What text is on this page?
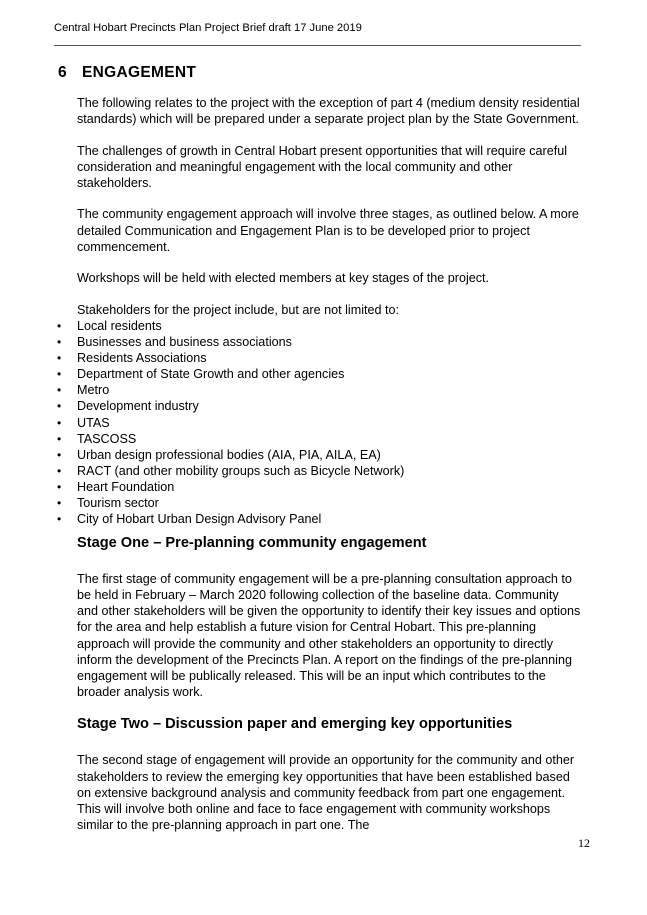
Central Hobart Precincts Plan Project Brief draft 17 June 2019
6 ENGAGEMENT

The following relates to the project with the exception of part 4 (medium density residential standards) which will be prepared under a separate project plan by the State Government.

The challenges of growth in Central Hobart present opportunities that will require careful consideration and meaningful engagement with the local community and other stakeholders.

The community engagement approach will involve three stages, as outlined below. A more detailed Communication and Engagement Plan is to be developed prior to project commencement.

Workshops will be held with elected members at key stages of the project.

Stakeholders for the project include, but are not limited to:

• Local residents
• Businesses and business associations
• Residents Associations
• Department of State Growth and other agencies
• Metro
• Development industry
• UTAS
• TASCOSS
• Urban design professional bodies (AIA, PIA, AILA, EA)
• RACT (and other mobility groups such as Bicycle Network)
• Heart Foundation
• Tourism sector
• City of Hobart Urban Design Advisory Panel
Stage One – Pre-planning community engagement

The first stage of community engagement will be a pre-planning consultation approach to be held in February – March 2020 following collection of the baseline data. Community and other stakeholders will be given the opportunity to identify their key issues and options for the area and help establish a future vision for Central Hobart. This pre-planning approach will provide the community and other stakeholders an opportunity to directly inform the development of the Precincts Plan. A report on the findings of the pre-planning engagement will be publically released. This will be an input which contributes to the broader analysis work.

Stage Two – Discussion paper and emerging key opportunities

The second stage of engagement will provide an opportunity for the community and other stakeholders to review the emerging key opportunities that have been established based on extensive background analysis and community feedback from part one engagement. This will involve both online and face to face engagement with community workshops similar to the pre-planning approach in part one. The

12
